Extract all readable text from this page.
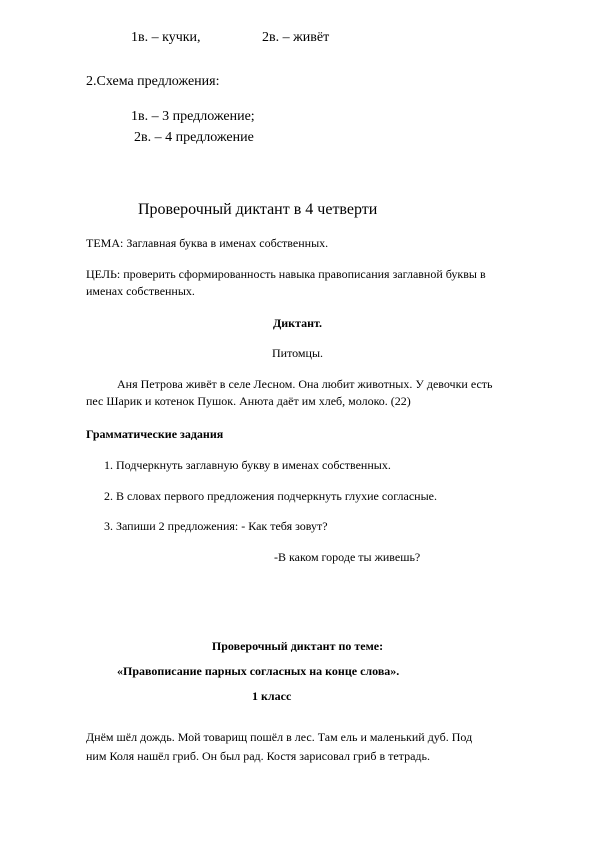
1в. – кучки,	2в. – живёт
2.Схема предложения:
1в. – 3 предложение;
2в. – 4 предложение
Проверочный диктант в 4 четверти
ТЕМА: Заглавная буква в именах собственных.
ЦЕЛЬ: проверить сформированность навыка правописания заглавной буквы в
именах собственных.
Диктант.
Питомцы.
Аня Петрова живёт в селе Лесном. Она любит животных. У девочки есть
пес Шарик и котенок Пушок. Анюта даёт им хлеб, молоко. (22)
Грамматические задания
1. Подчеркнуть заглавную букву в именах собственных.
2. В словах первого предложения подчеркнуть глухие согласные.
3. Запиши 2 предложения: - Как тебя зовут?
-В каком городе ты живешь?
Проверочный диктант по теме:
«Правописание парных согласных на конце слова».
1 класс
Днём шёл дождь. Мой товарищ пошёл в лес. Там ель и маленький дуб. Под
ним Коля нашёл гриб. Он был рад. Костя зарисовал гриб в тетрадь.
